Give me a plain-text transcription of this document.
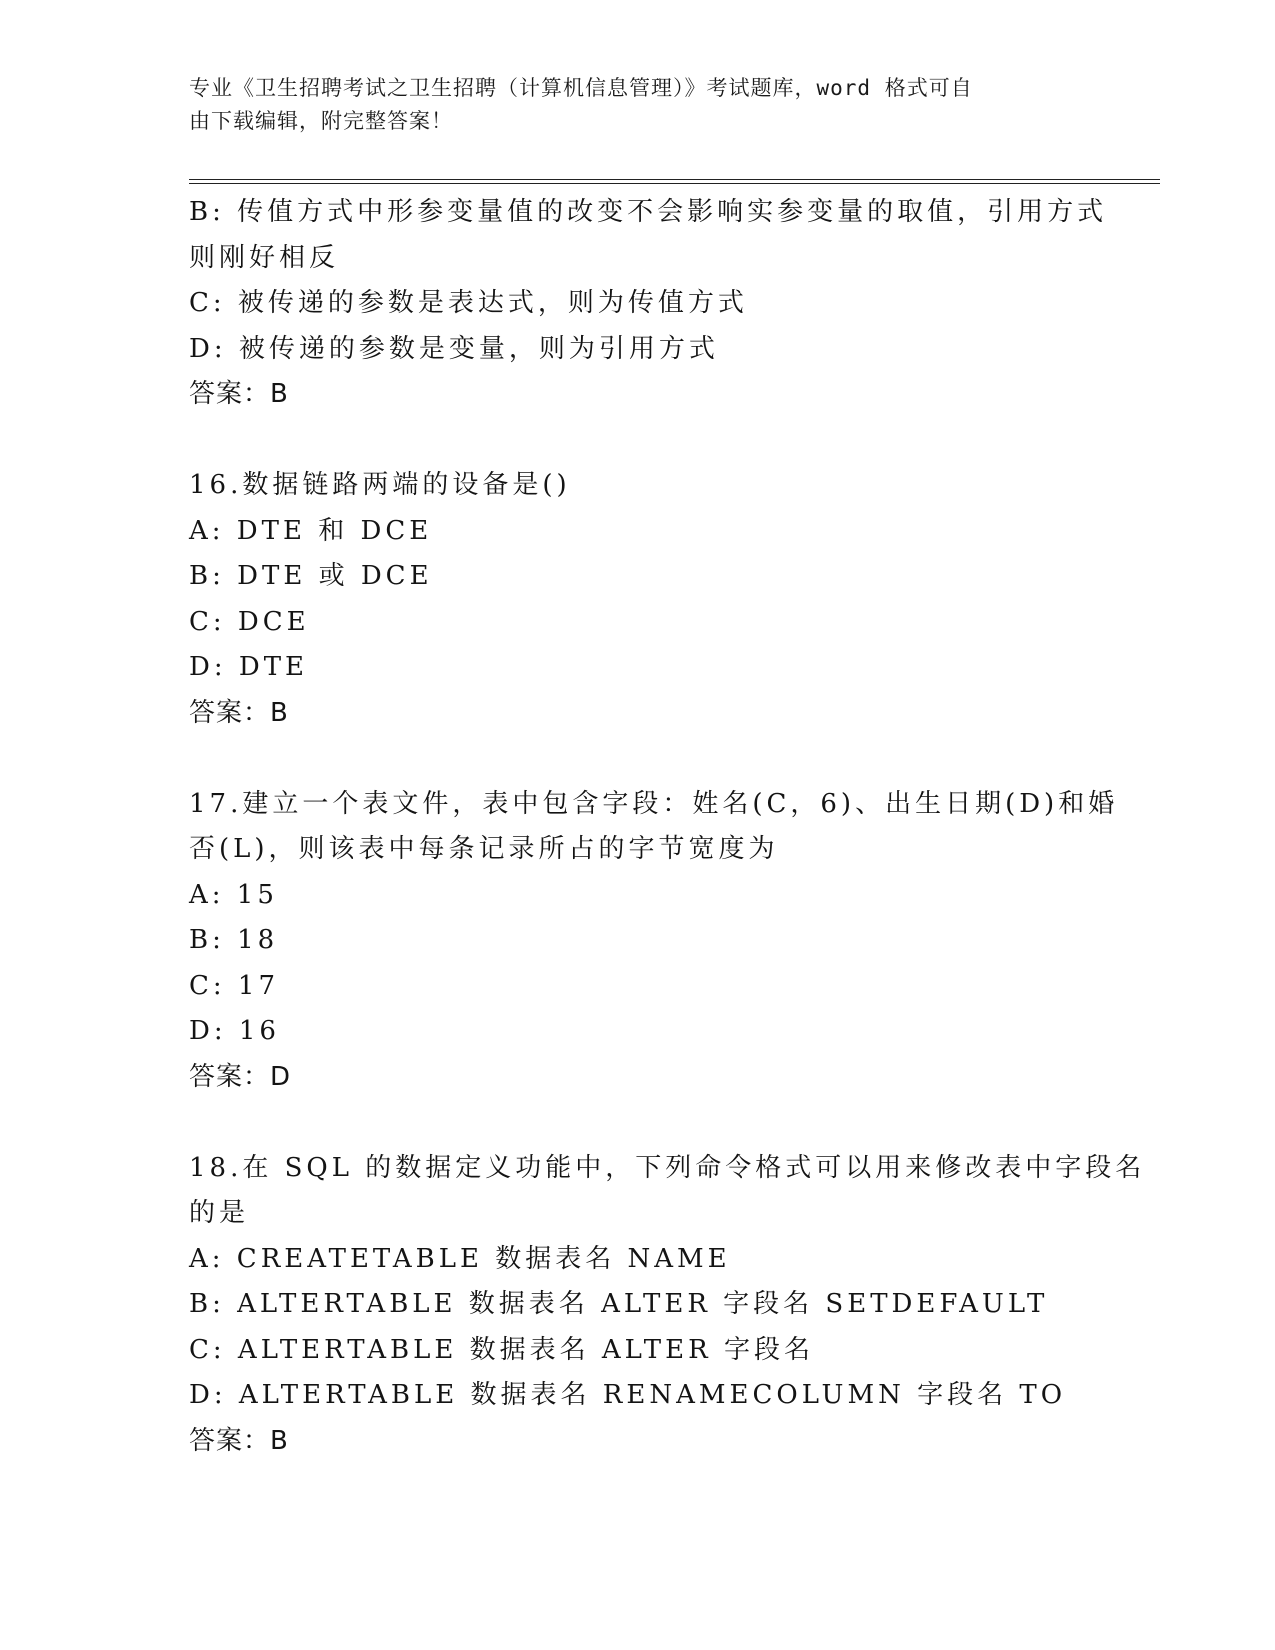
专业《卫生招聘考试之卫生招聘（计算机信息管理）》考试题库，word 格式可自
由下载编辑，附完整答案！
B: 传值方式中形参变量值的改变不会影响实参变量的取值，引用方式
则刚好相反
C: 被传递的参数是表达式，则为传值方式
D: 被传递的参数是变量，则为引用方式
答案：B
16.数据链路两端的设备是()
A: DTE 和 DCE
B: DTE 或 DCE
C: DCE
D: DTE
答案：B
17.建立一个表文件，表中包含字段：姓名(C，6)、出生日期(D)和婚
否(L)，则该表中每条记录所占的字节宽度为
A: 15
B: 18
C: 17
D: 16
答案：D
18.在 SQL 的数据定义功能中，下列命令格式可以用来修改表中字段名
的是
A: CREATETABLE 数据表名 NAME
B: ALTERTABLE 数据表名 ALTER 字段名 SETDEFAULT
C: ALTERTABLE 数据表名 ALTER 字段名
D: ALTERTABLE 数据表名 RENAMECOLUMN 字段名 TO
答案：B
